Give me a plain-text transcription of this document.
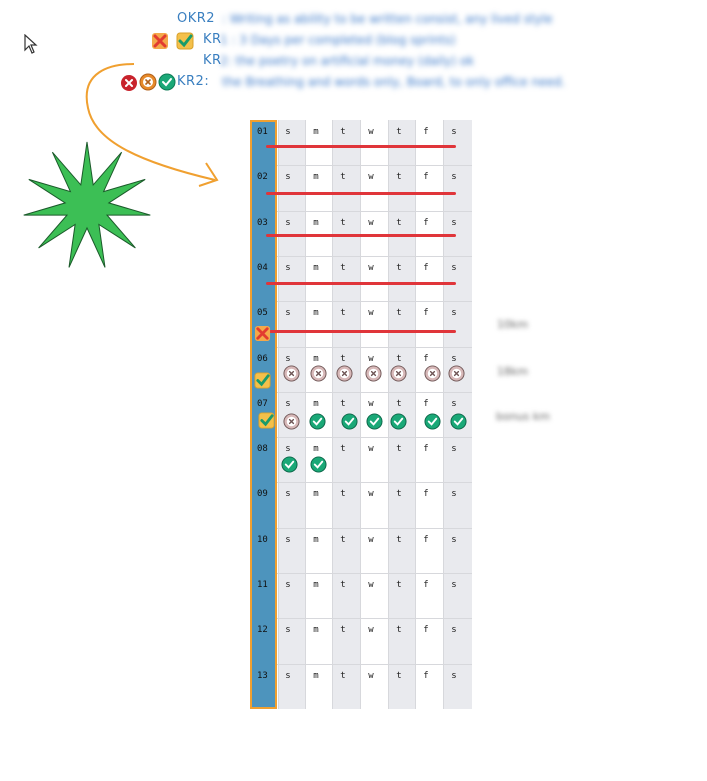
OKR2 : Writing as ability to be written consist, any lived style
KR
1 : 3 Days per completed (blog sprints)
KR
2: the poetry on artificial money (daily) ok
KR2: the Breathing and words only, Board, to only office need.
01	s	m	t	w	t	f	s
02	s	m	t	w	t	f	s
03	s	m	t	w	t	f	s
04	s	m	t	w	t	f	s
05	s	m	t	w	t	f	s
06	s	m	t	w	t	f	s
07	s	m	t	w	t	f	s
08	s	m	t	w	t	f	s
09	s	m	t	w	t	f	s
10	s	m	t	w	t	f	s
11	s	m	t	w	t	f	s
12	s	m	t	w	t	f	s
13	s	m	t	w	t	f	s
10km
18km
bonus km
